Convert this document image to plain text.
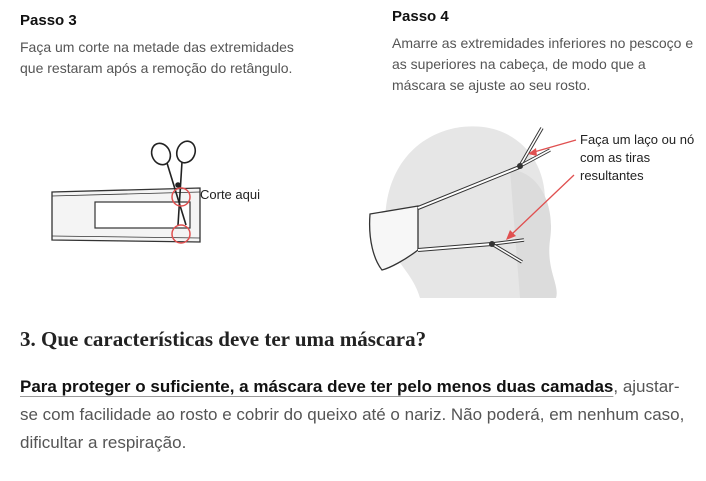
Passo 3

Faça um corte na metade das extremidades que restaram após a remoção do retângulo.

Corte aqui

Passo 4

Amarre as extremidades inferiores no pescoço e as superiores na cabeça, de modo que a máscara se ajuste ao seu rosto.

Faça um laço ou nó com as tiras resultantes
3. Que características deve ter uma máscara?

Para proteger o suficiente, a máscara deve ter pelo menos duas camadas, ajustar-se com facilidade ao rosto e cobrir do queixo até o nariz. Não poderá, em nenhum caso, dificultar a respiração.
